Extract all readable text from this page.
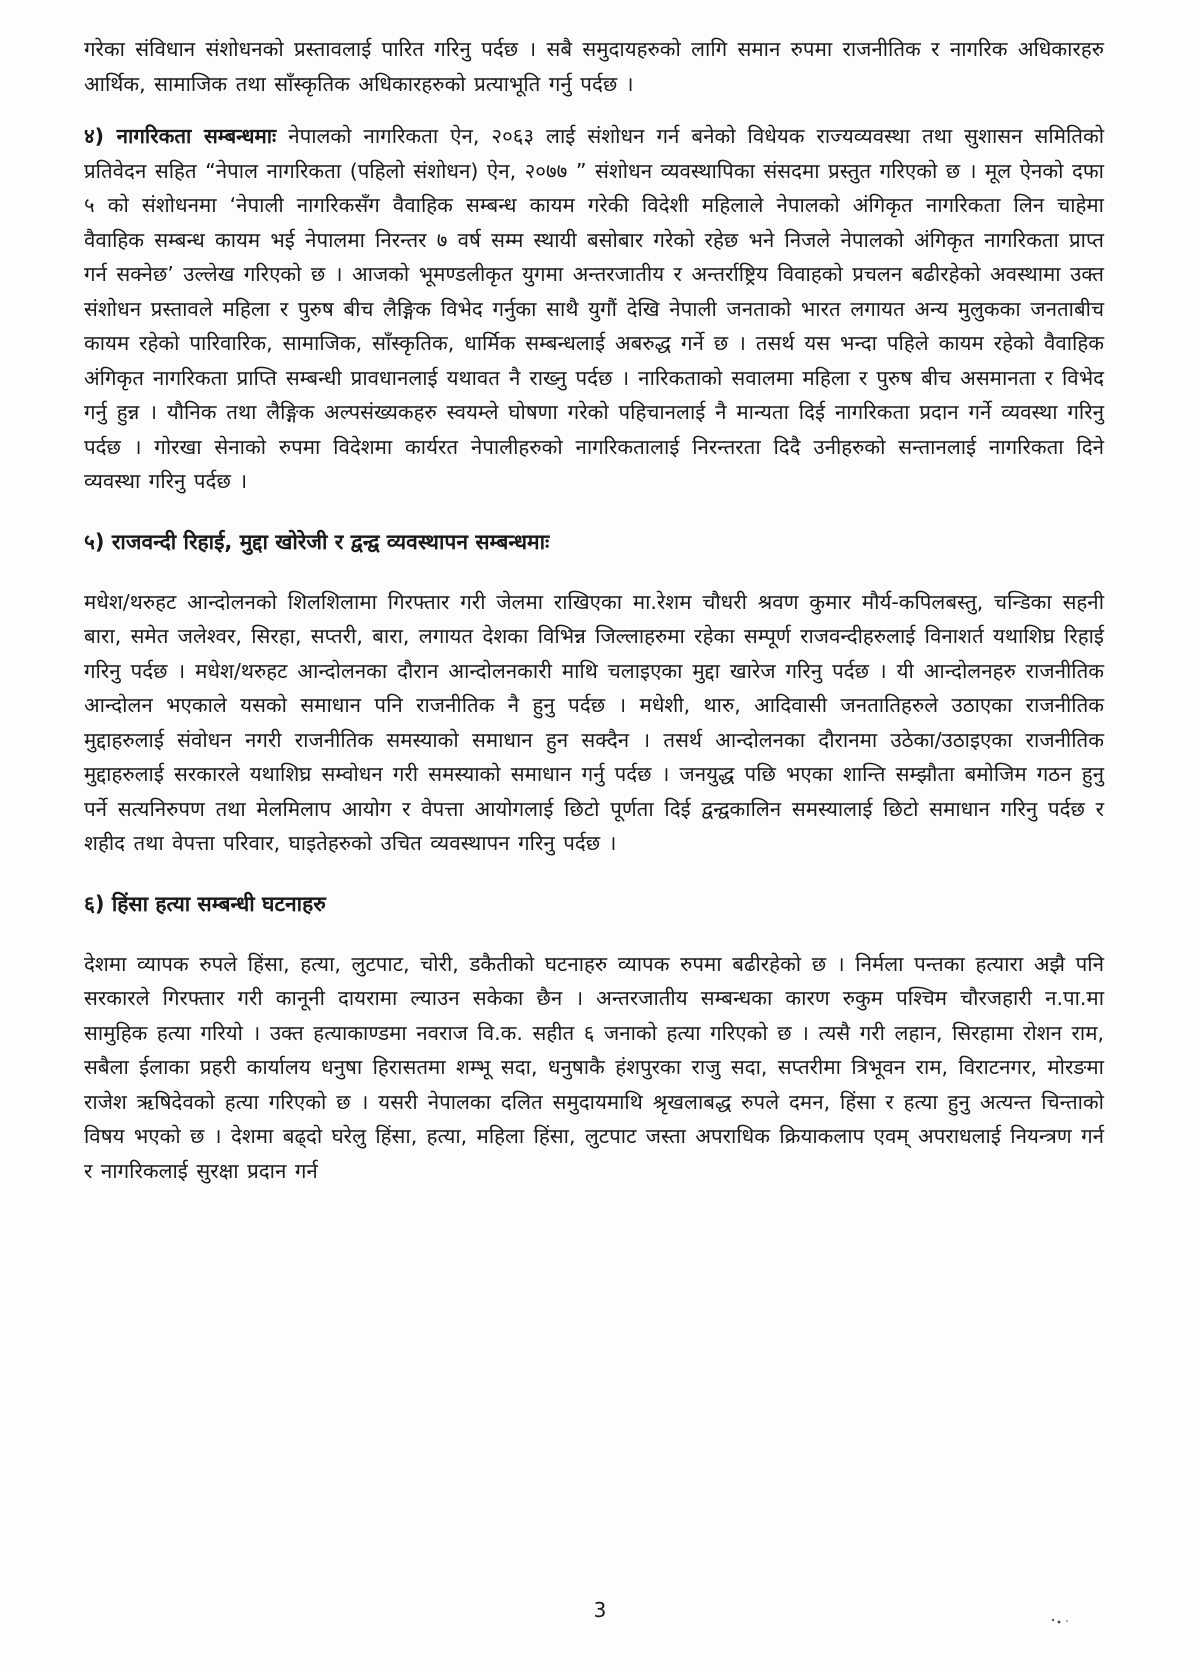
गरेका संविधान संशोधनको प्रस्तावलाई पारित गरिनु पर्दछ । सबै समुदायहरुको लागि समान रुपमा राजनीतिक र नागरिक अधिकारहरु आर्थिक, सामाजिक तथा साँस्कृतिक अधिकारहरुको प्रत्याभूति गर्नु पर्दछ ।

४) नागरिकता सम्बन्धमाः नेपालको नागरिकता ऐन, २०६३ लाई संशोधन गर्न बनेको विधेयक राज्यव्यवस्था तथा सुशासन समितिको प्रतिवेदन सहित “नेपाल नागरिकता (पहिलो संशोधन) ऐन, २०७७ ” संशोधन व्यवस्थापिका संसदमा प्रस्तुत गरिएको छ । मूल ऐनको दफा ५ को संशोधनमा ‘नेपाली नागरिकसँग वैवाहिक सम्बन्ध कायम गरेकी विदेशी महिलाले नेपालको अंगिकृत नागरिकता लिन चाहेमा वैवाहिक सम्बन्ध कायम भई नेपालमा निरन्तर ७ वर्ष सम्म स्थायी बसोबार गरेको रहेछ भने निजले नेपालको अंगिकृत नागरिकता प्राप्त गर्न सक्नेछ’ उल्लेख गरिएको छ । आजको भूमण्डलीकृत युगमा अन्तरजातीय र अन्तर्राष्ट्रिय विवाहको प्रचलन बढीरहेको अवस्थामा उक्त संशोधन प्रस्तावले महिला र पुरुष बीच लैङ्गिक विभेद गर्नुका साथै युगौं देखि नेपाली जनताको भारत लगायत अन्य मुलुकका जनताबीच कायम रहेको पारिवारिक, सामाजिक, साँस्कृतिक, धार्मिक सम्बन्धलाई अबरुद्ध गर्ने छ । तसर्थ यस भन्दा पहिले कायम रहेको वैवाहिक अंगिकृत नागरिकता प्राप्ति सम्बन्धी प्रावधानलाई यथावत नै राख्नु पर्दछ । नारिकताको सवालमा महिला र पुरुष बीच असमानता र विभेद गर्नु हुन्न । यौनिक तथा लैङ्गिक अल्पसंख्यकहरु स्वयम्ले घोषणा गरेको पहिचानलाई नै मान्यता दिई नागरिकता प्रदान गर्ने व्यवस्था गरिनु पर्दछ । गोरखा सेनाको रुपमा विदेशमा कार्यरत नेपालीहरुको नागरिकतालाई निरन्तरता दिदै उनीहरुको सन्तानलाई नागरिकता दिने व्यवस्था गरिनु पर्दछ ।

५) राजवन्दी रिहाई, मुद्दा खोरेजी र द्वन्द्व व्यवस्थापन सम्बन्धमाः

मधेश/थरुहट आन्दोलनको शिलशिलामा गिरफ्तार गरी जेलमा राखिएका मा.रेशम चौधरी श्रवण कुमार मौर्य-कपिलबस्तु, चन्डिका सहनी बारा, समेत जलेश्वर, सिरहा, सप्तरी, बारा, लगायत देशका विभिन्न जिल्लाहरुमा रहेका सम्पूर्ण राजवन्दीहरुलाई विनाशर्त यथाशिघ्र रिहाई गरिनु पर्दछ । मधेश/थरुहट आन्दोलनका दौरान आन्दोलनकारी माथि चलाइएका मुद्दा खारेज गरिनु पर्दछ । यी आन्दोलनहरु राजनीतिक आन्दोलन भएकाले यसको समाधान पनि राजनीतिक नै हुनु पर्दछ । मधेशी, थारु, आदिवासी जनतातिहरुले उठाएका राजनीतिक मुद्दाहरुलाई संवोधन नगरी राजनीतिक समस्याको समाधान हुन सक्दैन । तसर्थ आन्दोलनका दौरानमा उठेका/उठाइएका राजनीतिक मुद्दाहरुलाई सरकारले यथाशिघ्र सम्वोधन गरी समस्याको समाधान गर्नु पर्दछ । जनयुद्ध पछि भएका शान्ति सम्झौता बमोजिम गठन हुनु पर्ने सत्यनिरुपण तथा मेलमिलाप आयोग र वेपत्ता आयोगलाई छिटो पूर्णता दिई द्वन्द्वकालिन समस्यालाई छिटो समाधान गरिनु पर्दछ र शहीद तथा वेपत्ता परिवार, घाइतेहरुको उचित व्यवस्थापन गरिनु पर्दछ ।

६) हिंसा हत्या सम्बन्धी घटनाहरु

देशमा व्यापक रुपले हिंसा, हत्या, लुटपाट, चोरी, डकैतीको घटनाहरु व्यापक रुपमा बढीरहेको छ । निर्मला पन्तका हत्यारा अझै पनि सरकारले गिरफ्तार गरी कानूनी दायरामा ल्याउन सकेका छैन । अन्तरजातीय सम्बन्धका कारण रुकुम पश्चिम चौरजहारी न.पा.मा सामुहिक हत्या गरियो । उक्त हत्याकाण्डमा नवराज वि.क. सहीत ६ जनाको हत्या गरिएको छ । त्यसै गरी लहान, सिरहामा रोशन राम, सबैला ईलाका प्रहरी कार्यालय धनुषा हिरासतमा शम्भू सदा, धनुषाकै हंशपुरका राजु सदा, सप्तरीमा त्रिभूवन राम, विराटनगर, मोरङमा राजेश ऋषिदेवको हत्या गरिएको छ । यसरी नेपालका दलित समुदायमाथि श्रृखलाबद्ध रुपले दमन, हिंसा र हत्या हुनु अत्यन्त चिन्ताको विषय भएको छ । देशमा बढ्दो घरेलु हिंसा, हत्या, महिला हिंसा, लुटपाट जस्ता अपराधिक क्रियाकलाप एवम् अपराधलाई नियन्त्रण गर्न र नागरिकलाई सुरक्षा प्रदान गर्न

3
